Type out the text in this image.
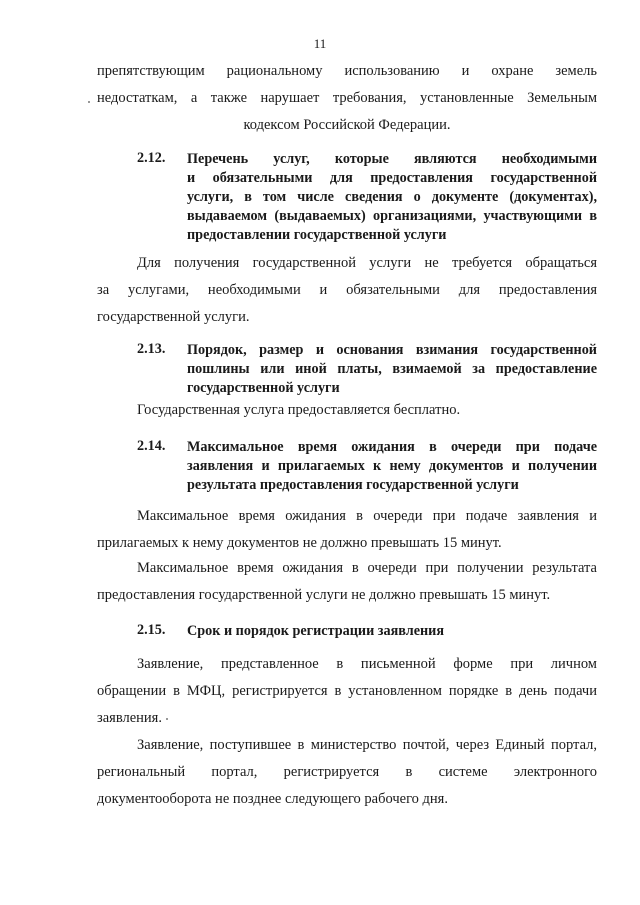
11
препятствующим рациональному использованию и охране земель
недостаткам, а также нарушает требования, установленные Земельным
кодексом Российской Федерации.
2.12. Перечень услуг, которые являются необходимыми
и обязательными для предоставления государственной
услуги, в том числе сведения о документе (документах),
выдаваемом (выдаваемых) организациями, участвующими в
предоставлении государственной услуги
Для получения государственной услуги не требуется обращаться
за услугами, необходимыми и обязательными для предоставления
государственной услуги.
2.13. Порядок, размер и основания взимания государственной
пошлины или иной платы, взимаемой за предоставление
государственной услуги
Государственная услуга предоставляется бесплатно.
2.14. Максимальное время ожидания в очереди при подаче
заявления и прилагаемых к нему документов и получении
результата предоставления государственной услуги
Максимальное время ожидания в очереди при подаче заявления и
прилагаемых к нему документов не должно превышать 15 минут.
Максимальное время ожидания в очереди при получении результата
предоставления государственной услуги не должно превышать 15 минут.
2.15. Срок и порядок регистрации заявления
Заявление, представленное в письменной форме при личном
обращении в МФЦ, регистрируется в установленном порядке в день подачи
заявления.
Заявление, поступившее в министерство почтой, через Единый портал,
региональный портал, регистрируется в системе электронного
документооборота не позднее следующего рабочего дня.
